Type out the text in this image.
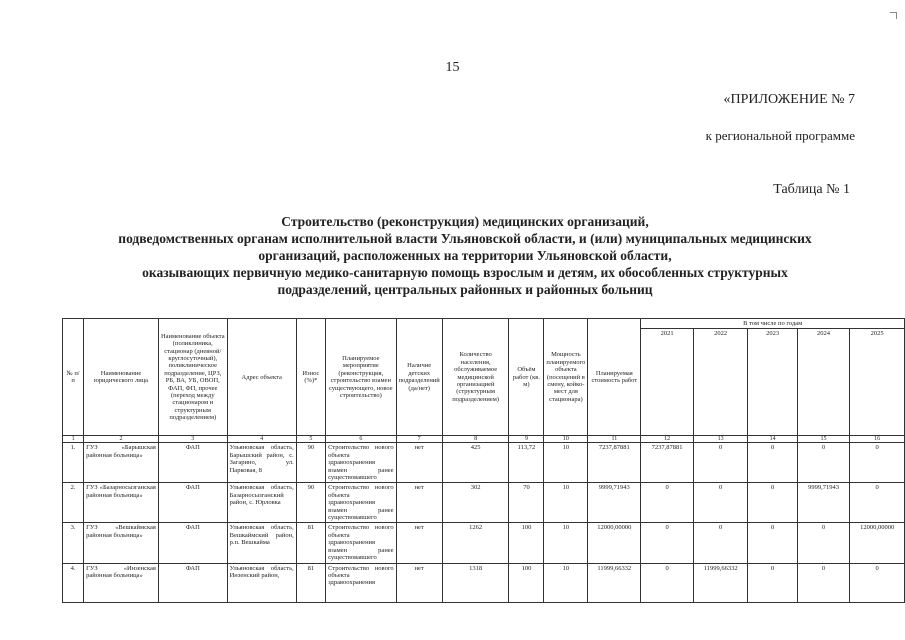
15
«ПРИЛОЖЕНИЕ № 7
к региональной программе
Таблица № 1
Строительство (реконструкция) медицинских организаций,
подведомственных органам исполнительной власти Ульяновской области, и (или) муниципальных медицинских
организаций, расположенных на территории Ульяновской области,
оказывающих первичную медико-санитарную помощь взрослым и детям, их обособленных структурных
подразделений, центральных районных и районных больниц
№ п/п	Наименование юридического лица	Наименование объекта (поликлиника, стационар (дневной/круглосуточный), поликлиническое подразделение, ЦРЗ, РБ, ВА, УБ, ОВОП, ФАП, ФП, прочее (переход между стационаром и структурным подразделением)	Адрес объекта	Износ (%)*	Планируемое мероприятие (реконструкция, строительство взамен существующего, новое строительство)	Наличие детских подразделений (да/нет)	Количество населения, обслуживаемое медицинской организацией (структурным подразделением)	Объём работ (кв. м)	Мощность планируемого объекта (посещений в смену, койко-мест для стационара)	Планируемая стоимость работ	В том числе по годам				
											2021	2022	2023	2024	2025
1	2	3	4	5	6	7	8	9	10	11	12	13	14	15	16
1.	ГУЗ «Барышская районная больница»	ФАП	Ульяновская область, Барышский район, с. Загарино, ул. Парковая, 8	90	Строительство нового объекта здравоохранения взамен ранее существовавшего	нет	425	113,72	10	7237,87881	7237,87881	0	0	0	0
2.	ГУЗ «Базарносызганская районная больница»	ФАП	Ульяновская область, Базарносызганский район, с. Юрловка	90	Строительство нового объекта здравоохранения взамен ранее существовавшего	нет	302	70	10	9999,71943	0	0	0	9999,71943	0
3.	ГУЗ «Вешкаймская районная больница»	ФАП	Ульяновская область, Вешкаймский район, р.п. Вешкайма	81	Строительство нового объекта здравоохранения взамен ранее существовавшего	нет	1262	100	10	12000,00000	0	0	0	0	12000,00000
4.	ГУЗ «Инзенская районная больница»	ФАП	Ульяновская область, Инзенский район,	81	Строительство нового объекта здравоохранения	нет	1318	100	10	11999,66332	0	11999,66332	0	0	0
